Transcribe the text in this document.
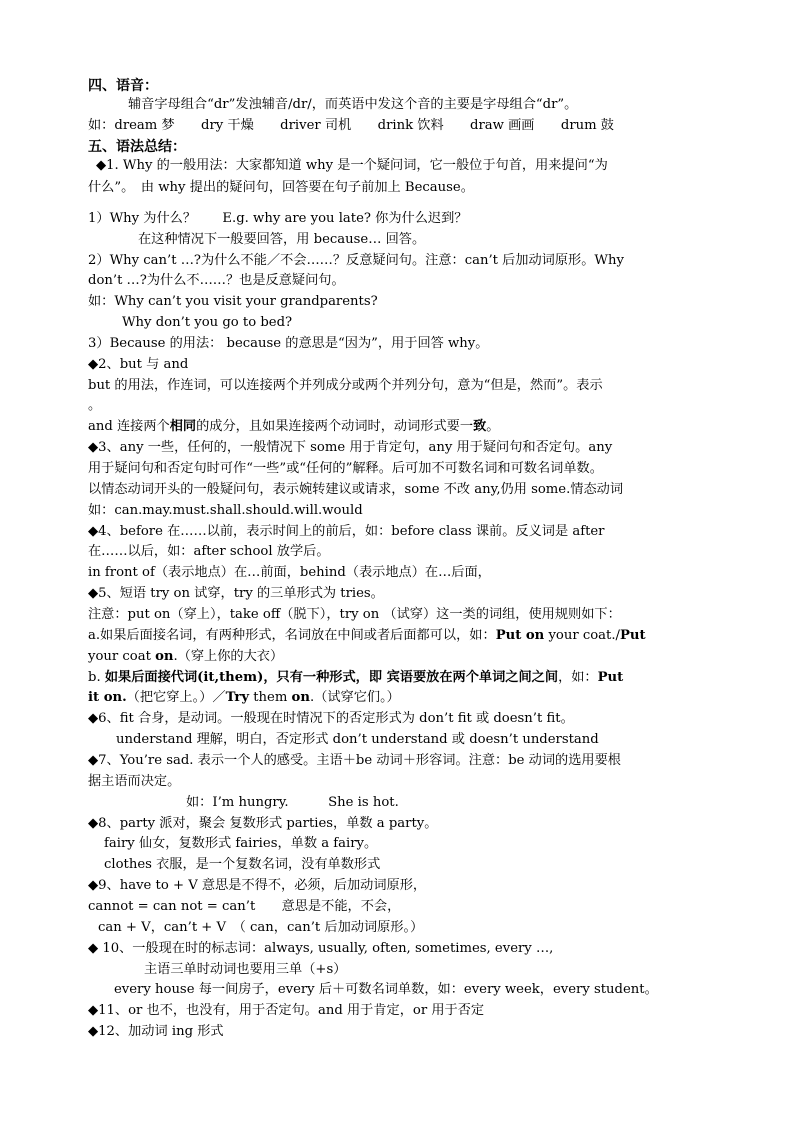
四、语音：
辅音字母组合“dr”发浊辅音/dr/，而英语中发这个音的主要是字母组合“dr”。
如：dream 梦　　dry 干燥　　driver 司机　　drink 饮料　　draw 画画　　drum 鼓
五、语法总结：
◆1. Why 的一般用法：大家都知道 why 是一个疑问词，它一般位于句首，用来提问“为
什么”。　由 why 提出的疑问句，回答要在句子前加上 Because。
1）Why 为什么？　　E.g. why are you late? 你为什么迟到？
在这种情况下一般要回答，用 because… 回答。
2）Why can’t …?为什么不能／不会……？反意疑问句。注意：can’t 后加动词原形。Why
don’t …?为什么不……？也是反意疑问句。
如：Why can’t you visit your grandparents?
Why don’t you go to bed?
3）Because 的用法： because 的意思是“因为”，用于回答 why。
◆2、but 与 and
but 的用法，作连词，可以连接两个并列成分或两个并列分句，意为“但是，然而”。表示
。
and 连接两个相同的成分，且如果连接两个动词时，动词形式要一致。
◆3、any 一些，任何的，一般情况下 some 用于肯定句，any 用于疑问句和否定句。any
用于疑问句和否定句时可作“一些”或“任何的”解释。后可加不可数名词和可数名词单数。
以情态动词开头的一般疑问句，表示婉转建议或请求，some 不改 any,仍用 some.情态动词
如：can.may.must.shall.should.will.would
◆4、before 在……以前，表示时间上的前后，如：before class 课前。反义词是 after
在……以后，如：after school 放学后。
in front of（表示地点）在…前面，behind（表示地点）在…后面，
◆5、短语 try on 试穿，try 的三单形式为 tries。
注意：put on（穿上），take off（脱下），try on （试穿）这一类的词组，使用规则如下：
a.如果后面接名词，有两种形式，名词放在中间或者后面都可以，如：Put on your coat./Put
your coat on.（穿上你的大衣）
b. 如果后面接代词(it,them)，只有一种形式，即 宾语要放在两个单词之间之间，如：Put
it on.（把它穿上。）／Try them on.（试穿它们。）
◆6、fit 合身，是动词。一般现在时情况下的否定形式为 don’t fit 或 doesn’t fit。
understand 理解，明白，否定形式 don’t understand 或 doesn’t understand
◆7、You’re sad. 表示一个人的感受。主语＋be 动词＋形容词。注意：be 动词的选用要根
据主语而决定。
如：I’m hungry.　　　She is hot.
◆8、party 派对，聚会 复数形式 parties，单数 a party。
fairy 仙女，复数形式 fairies，单数 a fairy。
clothes 衣服，是一个复数名词，没有单数形式
◆9、have to + V 意思是不得不，必须，后加动词原形，
cannot = can not = can’t　　意思是不能，不会，
can + V，can’t + V　（ can，can’t 后加动词原形。）
◆ 10、一般现在时的标志词：always, usually, often, sometimes, every …,
主语三单时动词也要用三单（+s）
every house 每一间房子，every 后＋可数名词单数，如：every week，every student。
◆11、or 也不，也没有，用于否定句。and 用于肯定，or 用于否定
◆12、加动词 ing 形式
